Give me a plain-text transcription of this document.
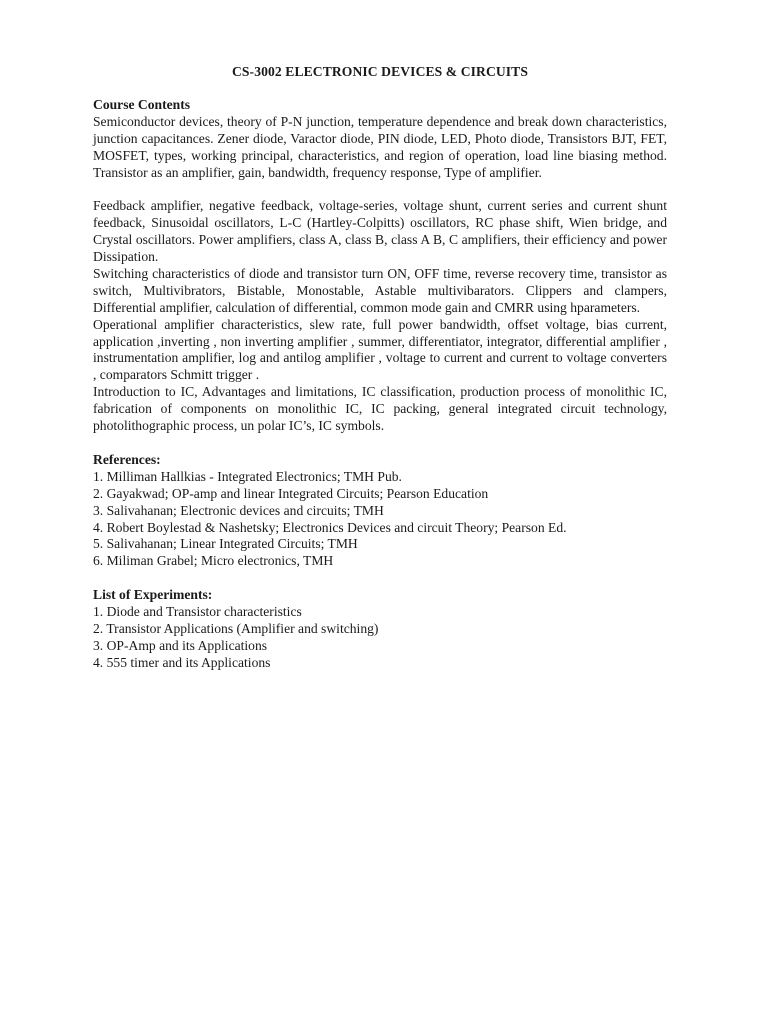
CS-3002 ELECTRONIC DEVICES & CIRCUITS
Course Contents

Semiconductor devices, theory of P-N junction, temperature dependence and break down characteristics, junction capacitances. Zener diode, Varactor diode, PIN diode, LED, Photo diode, Transistors BJT, FET, MOSFET, types, working principal, characteristics, and region of operation, load line biasing method. Transistor as an amplifier, gain, bandwidth, frequency response, Type of amplifier.

Feedback amplifier, negative feedback, voltage-series, voltage shunt, current series and current shunt feedback, Sinusoidal oscillators, L-C (Hartley-Colpitts) oscillators, RC phase shift, Wien bridge, and Crystal oscillators. Power amplifiers, class A, class B, class A B, C amplifiers, their efficiency and power Dissipation.

Switching characteristics of diode and transistor turn ON, OFF time, reverse recovery time, transistor as switch, Multivibrators, Bistable, Monostable, Astable multivibarators. Clippers and clampers, Differential amplifier, calculation of differential, common mode gain and CMRR using hparameters.

Operational amplifier characteristics, slew rate, full power bandwidth, offset voltage, bias current, application ,inverting , non inverting amplifier , summer, differentiator, integrator, differential amplifier , instrumentation amplifier, log and antilog amplifier , voltage to current and current to voltage converters , comparators Schmitt trigger .

Introduction to IC, Advantages and limitations, IC classification, production process of monolithic IC, fabrication of components on monolithic IC, IC packing, general integrated circuit technology, photolithographic process, un polar IC’s, IC symbols.

References:
1. Milliman Hallkias - Integrated Electronics; TMH Pub.
2. Gayakwad; OP-amp and linear Integrated Circuits; Pearson Education
3. Salivahanan; Electronic devices and circuits; TMH
4. Robert Boylestad & Nashetsky; Electronics Devices and circuit Theory; Pearson Ed.
5. Salivahanan; Linear Integrated Circuits; TMH
6. Miliman Grabel; Micro electronics, TMH
List of Experiments:
1. Diode and Transistor characteristics
2. Transistor Applications (Amplifier and switching)
3. OP-Amp and its Applications
4. 555 timer and its Applications
